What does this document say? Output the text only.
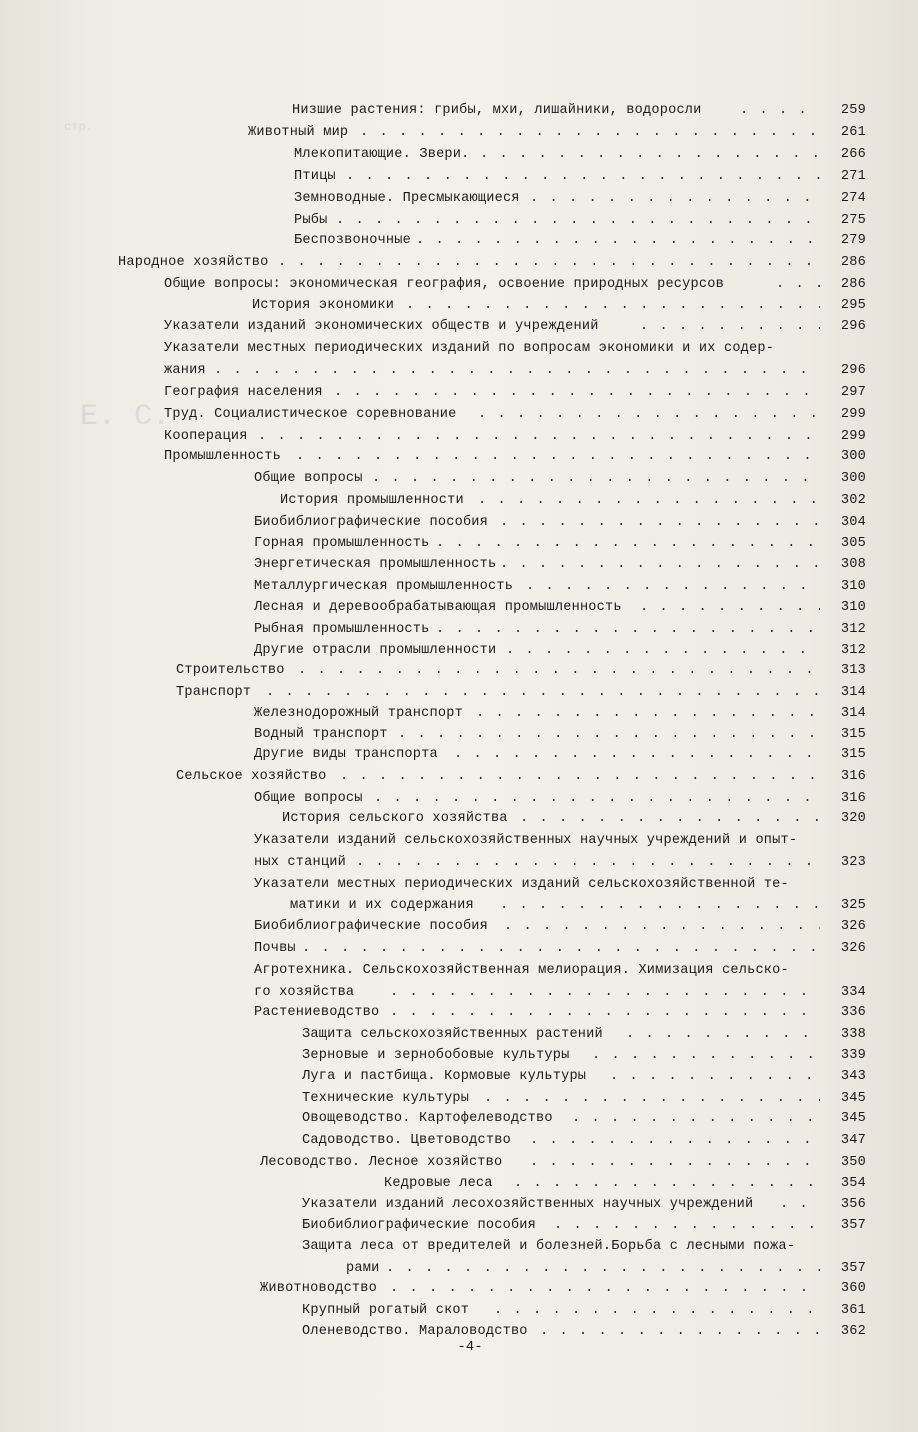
стр.
Е. С.
Низшие растения: грибы, мхи, лишайники, водоросли . . .	259
Животный мир . . .	261
Млекопитающие. Звери. . . .	266
Птицы . . .	271
Земноводные. Пресмыкающиеся . . .	274
Рыбы . . .	275
Беспозвоночные . . .	279
Народное хозяйство . . .	286
Общие вопросы: экономическая география, освоение природных ресурсов . . .	286
История экономики . . .	295
Указатели изданий экономических обществ и учреждений . . .	296
Указатели местных периодических изданий по вопросам экономики и их содер-
жания . . .	296
География населения . . .	297
Труд. Социалистическое соревнование . . .	299
Кооперация . . .	299
Промышленность . . .	300
Общие вопросы . . .	300
История промышленности . . .	302
Биобиблиографические пособия . . .	304
Горная промышленность . . .	305
Энергетическая промышленность . . .	308
Металлургическая промышленность . . .	310
Лесная и деревообрабатывающая промышленность . . .	310
Рыбная промышленность . . .	312
Другие отрасли промышленности . . .	312
Строительство . . .	313
Транспорт . . .	314
Железнодорожный транспорт . . .	314
Водный транспорт . . .	315
Другие виды транспорта . . .	315
Сельское хозяйство . . .	316
Общие вопросы . . .	316
История сельского хозяйства . . .	320
Указатели изданий сельскохозяйственных научных учреждений и опыт-
ных станций . . .	323
Указатели местных периодических изданий сельскохозяйственной те-
матики и их содержания . . .	325
Биобиблиографические пособия . . .	326
Почвы . . .	326
Агротехника. Сельскохозяйственная мелиорация. Химизация сельско-
го хозяйства . . .	334
Растениеводство . . .	336
Защита сельскохозяйственных растений . . .	338
Зерновые и зернобобовые культуры . . .	339
Луга и пастбища. Кормовые культуры . . .	343
Технические культуры . . .	345
Овощеводство. Картофелеводство . . .	345
Садоводство. Цветоводство . . .	347
Лесоводство. Лесное хозяйство . . .	350
Кедровые леса . . .	354
Указатели изданий лесохозяйственных научных учреждений . . .	356
Биобиблиографические пособия . . .	357
Защита леса от вредителей и болезней.Борьба с лесными пожа-
рами . . .	357
Животноводство . . .	360
Крупный рогатый скот . . .	361
Оленеводство. Мараловодство . . .	362
-4-
